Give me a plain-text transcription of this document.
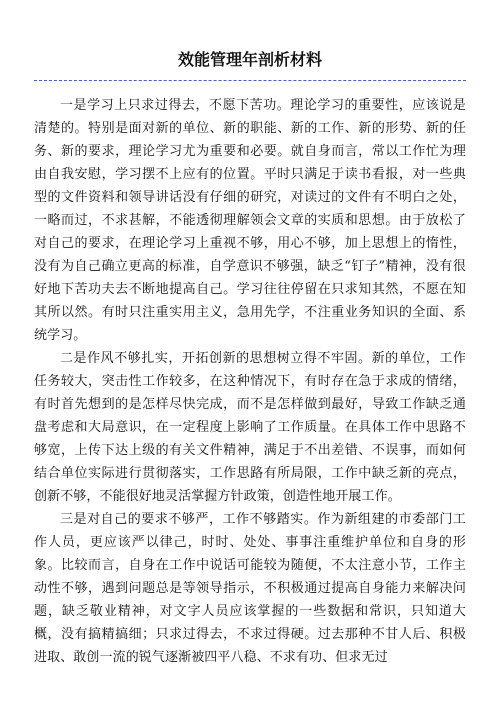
效能管理年剖析材料

一是学习上只求过得去，不愿下苦功。理论学习的重要性，应该说是清楚的。特别是面对新的单位、新的职能、新的工作、新的形势、新的任务、新的要求，理论学习尤为重要和必要。就自身而言，常以工作忙为理由自我安慰，学习摆不上应有的位置。平时只满足于读书看报，对一些典型的文件资料和领导讲话没有仔细的研究，对读过的文件有不明白之处，一略而过，不求甚解，不能透彻理解领会文章的实质和思想。由于放松了对自己的要求，在理论学习上重视不够，用心不够，加上思想上的惰性，没有为自己确立更高的标准，自学意识不够强，缺乏“钉子”精神，没有很好地下苦功夫去不断地提高自己。学习往往停留在只求知其然，不愿在知其所以然。有时只注重实用主义，急用先学，不注重业务知识的全面、系统学习。

二是作风不够扎实，开拓创新的思想树立得不牢固。新的单位，工作任务较大，突击性工作较多，在这种情况下，有时存在急于求成的情绪，有时首先想到的是怎样尽快完成，而不是怎样做到最好，导致工作缺乏通盘考虑和大局意识，在一定程度上影响了工作质量。在具体工作中思路不够宽，上传下达上级的有关文件精神，满足于不出差错、不误事，而如何结合单位实际进行贯彻落实，工作思路有所局限，工作中缺乏新的亮点，创新不够，不能很好地灵活掌握方针政策，创造性地开展工作。

三是对自己的要求不够严，工作不够踏实。作为新组建的市委部门工作人员，更应该严以律己，时时、处处、事事注重维护单位和自身的形象。比较而言，自身在工作中说话可能较为随便，不太注意小节，工作主动性不够，遇到问题总是等领导指示，不积极通过提高自身能力来解决问题，缺乏敬业精神，对文字人员应该掌握的一些数据和常识，只知道大概，没有搞精搞细；只求过得去，不求过得硬。过去那种不甘人后、积极进取、敢创一流的锐气逐渐被四平八稳、不求有功、但求无过
